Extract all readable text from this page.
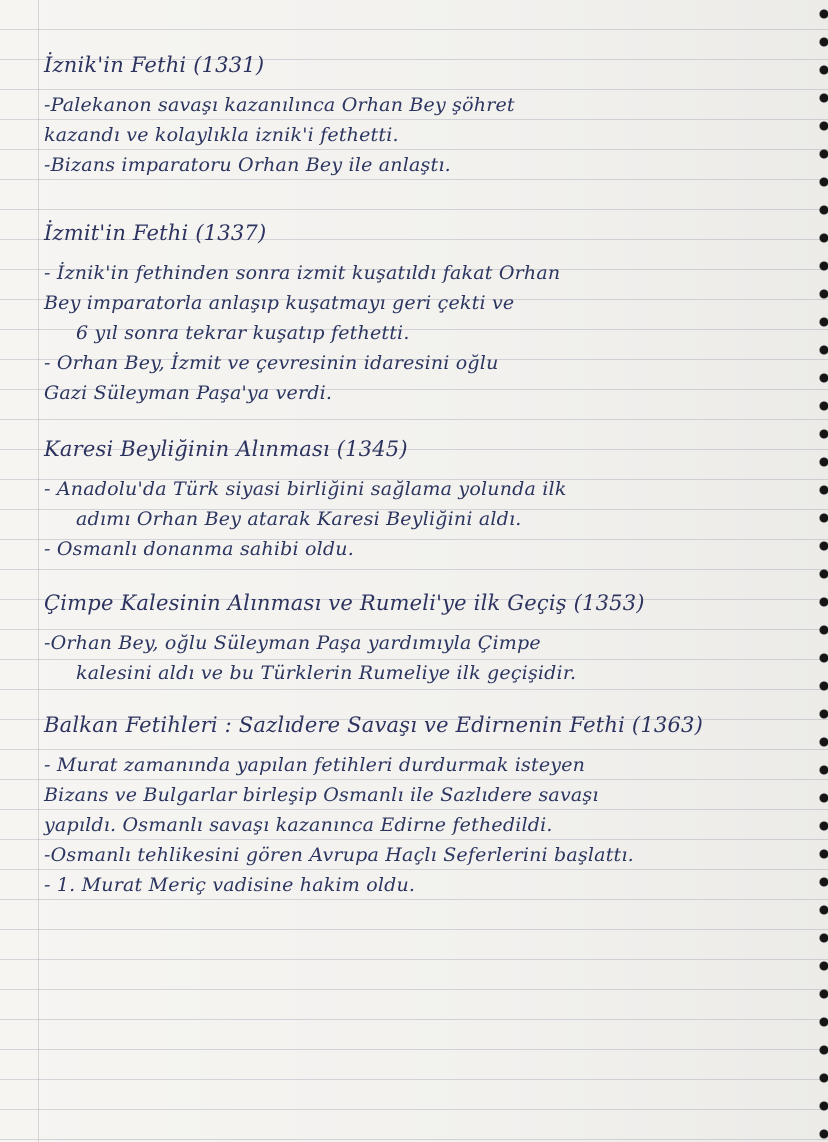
İznik'in Fethi (1331)
-Palekanon savaşı kazanılınca Orhan Bey şöhret
kazandı ve kolaylıkla iznik'i fethetti.
-Bizans imparatoru Orhan Bey ile anlaştı.
İzmit'in Fethi (1337)
- İznik'in fethinden sonra izmit kuşatıldı fakat Orhan
Bey imparatorla anlaşıp kuşatmayı geri çekti ve
6 yıl sonra tekrar kuşatıp fethetti.
- Orhan Bey, İzmit ve çevresinin idaresini oğlu
Gazi Süleyman Paşa'ya verdi.
Karesi Beyliğinin Alınması (1345)
- Anadolu'da Türk siyasi birliğini sağlama yolunda ilk
adımı Orhan Bey atarak Karesi Beyliğini aldı.
- Osmanlı donanma sahibi oldu.
Çimpe Kalesinin Alınması ve Rumeli'ye ilk Geçiş (1353)
-Orhan Bey, oğlu Süleyman Paşa yardımıyla Çimpe
kalesini aldı ve bu Türklerin Rumeliye ilk geçişidir.
Balkan Fetihleri : Sazlıdere Savaşı ve Edirnenin Fethi (1363)
- Murat zamanında yapılan fetihleri durdurmak isteyen
Bizans ve Bulgarlar birleşip Osmanlı ile Sazlıdere savaşı
yapıldı. Osmanlı savaşı kazanınca Edirne fethedildi.
-Osmanlı tehlikesini gören Avrupa Haçlı Seferlerini başlattı.
- 1. Murat Meriç vadisine hakim oldu.
